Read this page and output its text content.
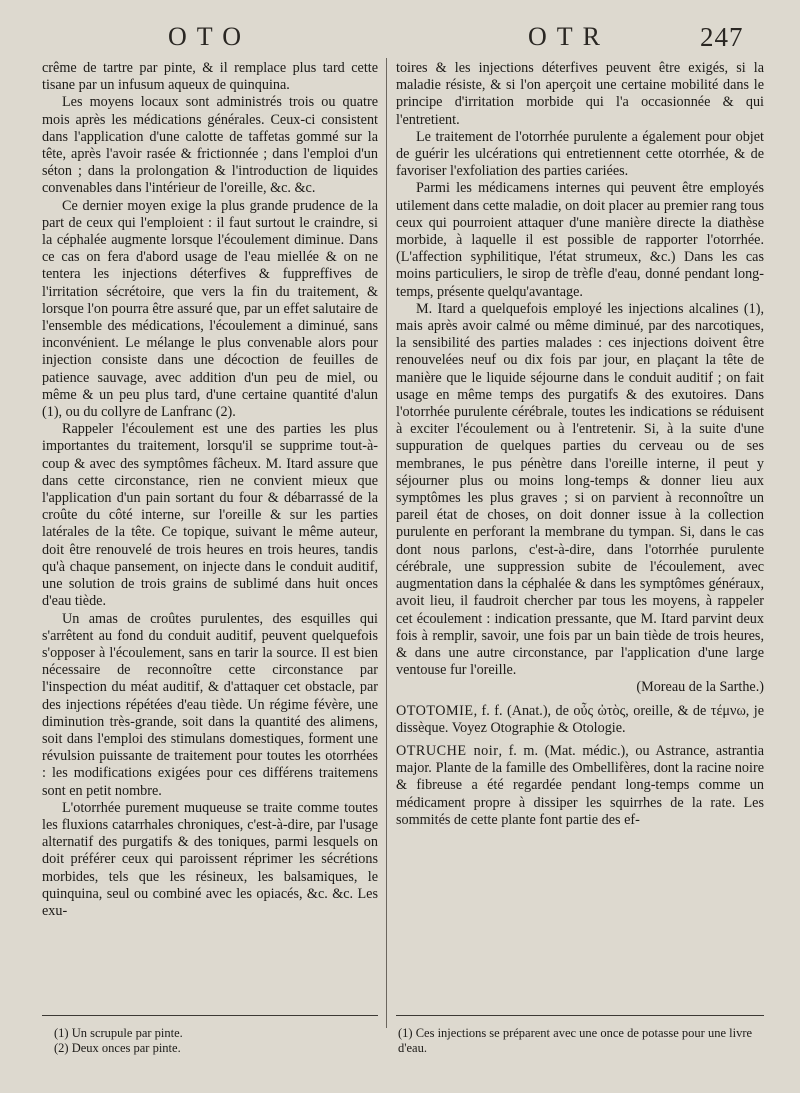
OTO	OTR	247

crême de tartre par pinte, & il remplace plus tard cette tisane par un infusum aqueux de quinquina.

Les moyens locaux sont administrés trois ou quatre mois après les médications générales. Ceux-ci consistent dans l'application d'une calotte de taffetas gommé sur la tête, après l'avoir rasée & frictionnée ; dans l'emploi d'un séton ; dans la prolongation & l'introduction de liquides convenables dans l'intérieur de l'oreille, &c. &c.

Ce dernier moyen exige la plus grande prudence de la part de ceux qui l'emploient : il faut surtout le craindre, si la céphalée augmente lorsque l'écoulement diminue. Dans ce cas on fera d'abord usage de l'eau miellée & on ne tentera les injections déterfives & fuppreffives de l'irritation sécrétoire, que vers la fin du traitement, & lorsque l'on pourra être assuré que, par un effet salutaire de l'ensemble des médications, l'écoulement a diminué, sans inconvénient. Le mélange le plus convenable alors pour injection consiste dans une décoction de feuilles de patience sauvage, avec addition d'un peu de miel, ou même & un peu plus tard, d'une certaine quantité d'alun (1), ou du collyre de Lanfranc (2).

Rappeler l'écoulement est une des parties les plus importantes du traitement, lorsqu'il se supprime tout-à-coup & avec des symptômes fâcheux. M. Itard assure que dans cette circonstance, rien ne convient mieux que l'application d'un pain sortant du four & débarrassé de la croûte du côté interne, sur l'oreille & sur les parties latérales de la tête. Ce topique, suivant le même auteur, doit être renouvelé de trois heures en trois heures, tandis qu'à chaque pansement, on injecte dans le conduit auditif, une solution de trois grains de sublimé dans huit onces d'eau tiède.

Un amas de croûtes purulentes, des esquilles qui s'arrêtent au fond du conduit auditif, peuvent quelquefois s'opposer à l'écoulement, sans en tarir la source. Il est bien nécessaire de reconnoître cette circonstance par l'inspection du méat auditif, & d'attaquer cet obstacle, par des injections répétées d'eau tiède. Un régime févère, une diminution très-grande, soit dans la quantité des alimens, soit dans l'emploi des stimulans domestiques, forment une révulsion puissante de traitement pour toutes les otorrhées : les modifications exigées pour ces différens traitemens sont en petit nombre.

L'otorrhée purement muqueuse se traite comme toutes les fluxions catarrhales chroniques, c'est-à-dire, par l'usage alternatif des purgatifs & des toniques, parmi lesquels on doit préférer ceux qui paroissent réprimer les sécrétions morbides, tels que les résineux, les balsamiques, le quinquina, seul ou combiné avec les opiacés, &c. &c. Les exu-

toires & les injections déterfives peuvent être exigés, si la maladie résiste, & si l'on aperçoit une certaine mobilité dans le principe d'irritation morbide qui l'a occasionnée & qui l'entretient.

Le traitement de l'otorrhée purulente a également pour objet de guérir les ulcérations qui entretiennent cette otorrhée, & de favoriser l'exfoliation des parties cariées.

Parmi les médicamens internes qui peuvent être employés utilement dans cette maladie, on doit placer au premier rang tous ceux qui pourroient attaquer d'une manière directe la diathèse morbide, à laquelle il est possible de rapporter l'otorrhée. (L'affection syphilitique, l'état strumeux, &c.) Dans les cas moins particuliers, le sirop de trèfle d'eau, donné pendant long-temps, présente quelqu'avantage.

M. Itard a quelquefois employé les injections alcalines (1), mais après avoir calmé ou même diminué, par des narcotiques, la sensibilité des parties malades : ces injections doivent être renouvelées neuf ou dix fois par jour, en plaçant la tête de manière que le liquide séjourne dans le conduit auditif ; on fait usage en même temps des purgatifs & des exutoires. Dans l'otorrhée purulente cérébrale, toutes les indications se réduisent à exciter l'écoulement ou à l'entretenir. Si, à la suite d'une suppuration de quelques parties du cerveau ou de ses membranes, le pus pénètre dans l'oreille interne, il peut y séjourner plus ou moins long-temps & donner lieu aux symptômes les plus graves ; si on parvient à reconnoître un pareil état de choses, on doit donner issue à la collection purulente en perforant la membrane du tympan. Si, dans le cas dont nous parlons, c'est-à-dire, dans l'otorrhée purulente cérébrale, une suppression subite de l'écoulement, avec augmentation dans la céphalée & dans les symptômes généraux, avoit lieu, il faudroit chercher par tous les moyens, à rappeler cet écoulement : indication pressante, que M. Itard parvint deux fois à remplir, savoir, une fois par un bain tiède de trois heures, & dans une autre circonstance, par l'application d'une large ventouse fur l'oreille.

(Moreau de la Sarthe.)

OTOTOMIE, f. f. (Anat.), de οὖς ὠτὸς, oreille, & de τέμνω, je dissèque. Voyez Otographie & Otologie.

OTRUCHE noir, f. m. (Mat. médic.), ou Astrance, astrantia major. Plante de la famille des Ombellifères, dont la racine noire & fibreuse a été regardée pendant long-temps comme un médicament propre à dissiper les squirrhes de la rate. Les sommités de cette plante font partie des ef-

(1) Un scrupule par pinte.
(2) Deux onces par pinte.
(1) Ces injections se préparent avec une once de potasse pour une livre d'eau.
